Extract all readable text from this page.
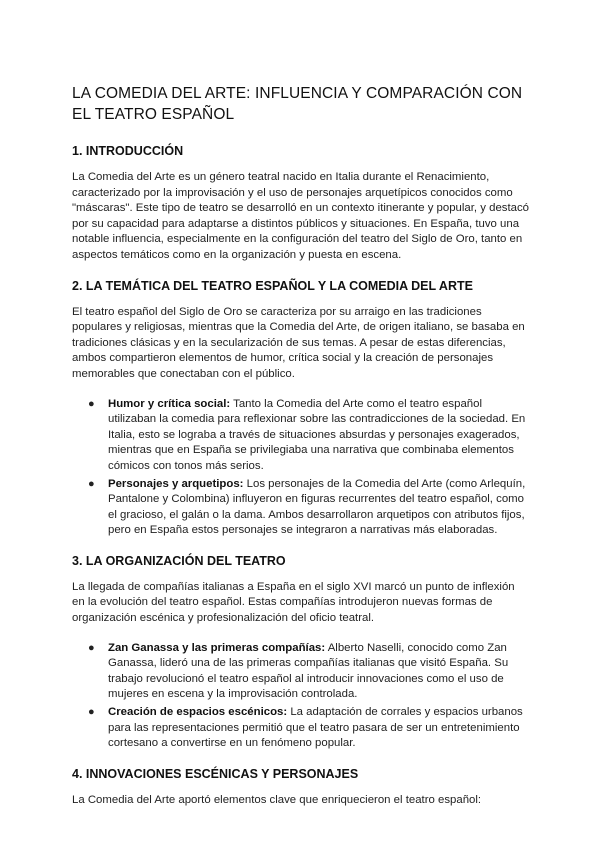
LA COMEDIA DEL ARTE: INFLUENCIA Y COMPARACIÓN CON EL TEATRO ESPAÑOL
1. INTRODUCCIÓN

La Comedia del Arte es un género teatral nacido en Italia durante el Renacimiento, caracterizado por la improvisación y el uso de personajes arquetípicos conocidos como "máscaras". Este tipo de teatro se desarrolló en un contexto itinerante y popular, y destacó por su capacidad para adaptarse a distintos públicos y situaciones. En España, tuvo una notable influencia, especialmente en la configuración del teatro del Siglo de Oro, tanto en aspectos temáticos como en la organización y puesta en escena.

2. LA TEMÁTICA DEL TEATRO ESPAÑOL Y LA COMEDIA DEL ARTE

El teatro español del Siglo de Oro se caracteriza por su arraigo en las tradiciones populares y religiosas, mientras que la Comedia del Arte, de origen italiano, se basaba en tradiciones clásicas y en la secularización de sus temas. A pesar de estas diferencias, ambos compartieron elementos de humor, crítica social y la creación de personajes memorables que conectaban con el público.

● Humor y crítica social: Tanto la Comedia del Arte como el teatro español utilizaban la comedia para reflexionar sobre las contradicciones de la sociedad. En Italia, esto se lograba a través de situaciones absurdas y personajes exagerados, mientras que en España se privilegiaba una narrativa que combinaba elementos cómicos con tonos más serios.
● Personajes y arquetipos: Los personajes de la Comedia del Arte (como Arlequín, Pantalone y Colombina) influyeron en figuras recurrentes del teatro español, como el gracioso, el galán o la dama. Ambos desarrollaron arquetipos con atributos fijos, pero en España estos personajes se integraron a narrativas más elaboradas.
3. LA ORGANIZACIÓN DEL TEATRO

La llegada de compañías italianas a España en el siglo XVI marcó un punto de inflexión en la evolución del teatro español. Estas compañías introdujeron nuevas formas de organización escénica y profesionalización del oficio teatral.

● Zan Ganassa y las primeras compañías: Alberto Naselli, conocido como Zan Ganassa, lideró una de las primeras compañías italianas que visitó España. Su trabajo revolucionó el teatro español al introducir innovaciones como el uso de mujeres en escena y la improvisación controlada.
● Creación de espacios escénicos: La adaptación de corrales y espacios urbanos para las representaciones permitió que el teatro pasara de ser un entretenimiento cortesano a convertirse en un fenómeno popular.
4. INNOVACIONES ESCÉNICAS Y PERSONAJES

La Comedia del Arte aportó elementos clave que enriquecieron el teatro español:
